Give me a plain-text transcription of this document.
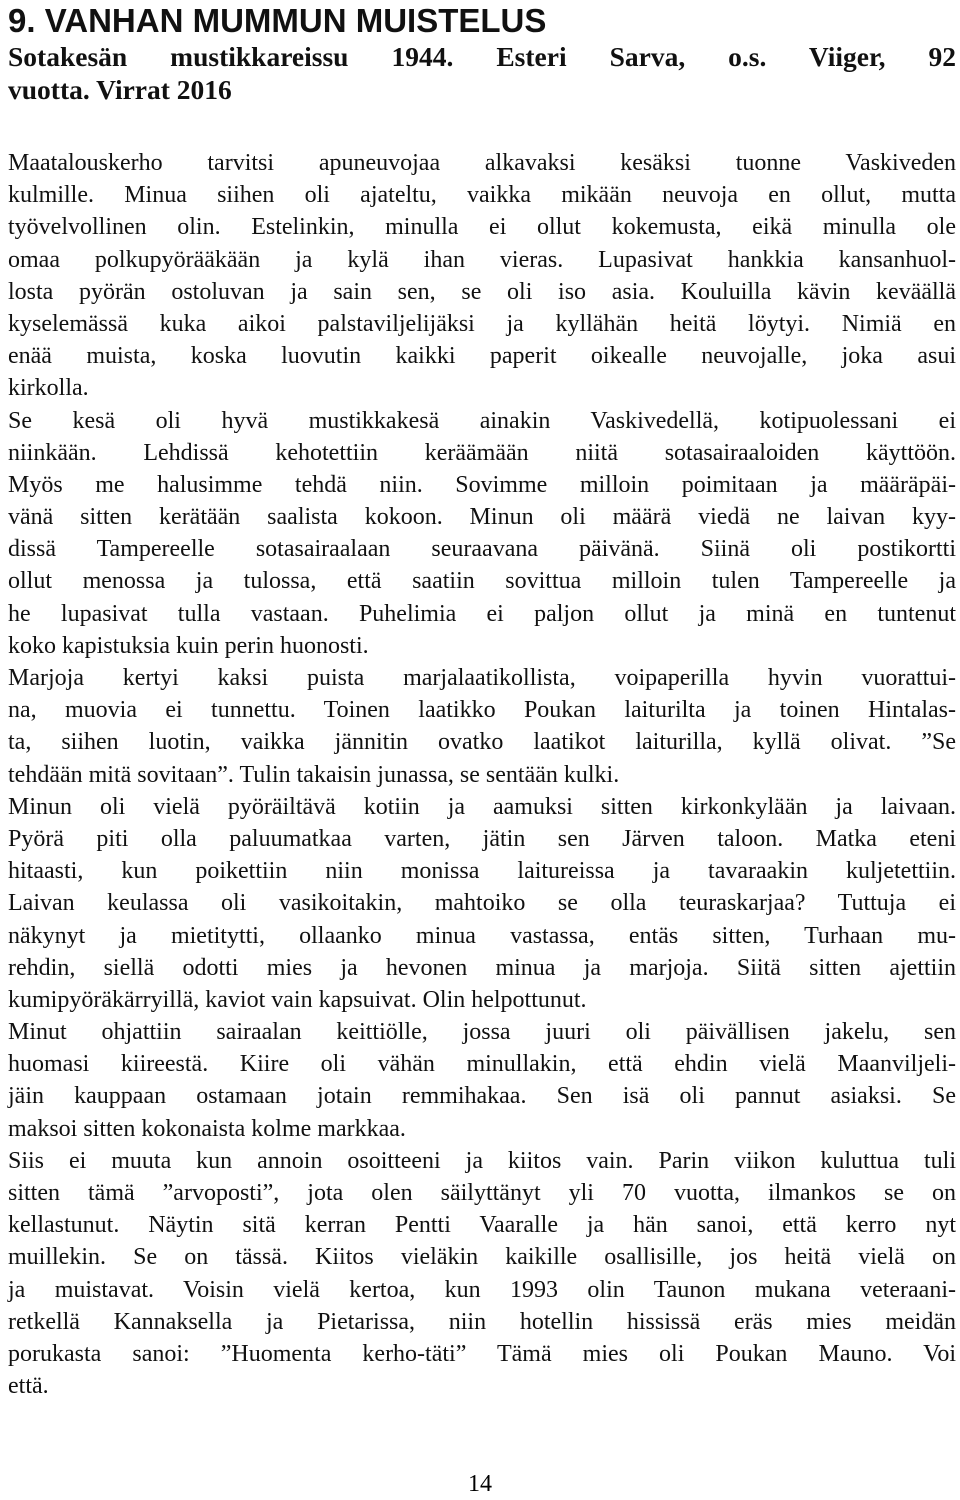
9. VANHAN MUMMUN MUISTELUS

Sotakesän mustikkareissu 1944. Esteri Sarva, o.s. Viiger, 92

vuotta. Virrat 2016

Maatalouskerho tarvitsi apuneuvojaa alkavaksi kesäksi tuonne Vaskiveden
kulmille. Minua siihen oli ajateltu, vaikka mikään neuvoja en ollut, mutta
työvelvollinen olin. Estelinkin, minulla ei ollut kokemusta, eikä minulla ole
omaa polkupyörääkään ja kylä ihan vieras. Lupasivat hankkia kansanhuol-
losta pyörän ostoluvan ja sain sen, se oli iso asia. Kouluilla kävin keväällä
kyselemässä kuka aikoi palstaviljelijäksi ja kyllähän heitä löytyi. Nimiä en
enää muista, koska luovutin kaikki paperit oikealle neuvojalle, joka asui
kirkolla.
Se kesä oli hyvä mustikkakesä ainakin Vaskivedellä, kotipuolessani ei
niinkään. Lehdissä kehotettiin keräämään niitä sotasairaaloiden käyttöön.
Myös me halusimme tehdä niin. Sovimme milloin poimitaan ja määräpäi-
vänä sitten kerätään saalista kokoon. Minun oli määrä viedä ne laivan kyy-
dissä Tampereelle sotasairaalaan seuraavana päivänä. Siinä oli postikortti
ollut menossa ja tulossa, että saatiin sovittua milloin tulen Tampereelle ja
he lupasivat tulla vastaan. Puhelimia ei paljon ollut ja minä en tuntenut
koko kapistuksia kuin perin huonosti.
Marjoja kertyi kaksi puista marjalaatikollista, voipaperilla hyvin vuorattui-
na, muovia ei tunnettu. Toinen laatikko Poukan laiturilta ja toinen Hintalas-
ta, siihen luotin, vaikka jännitin ovatko laatikot laiturilla, kyllä olivat. ”Se
tehdään mitä sovitaan”. Tulin takaisin junassa, se sentään kulki.
Minun oli vielä pyöräiltävä kotiin ja aamuksi sitten kirkonkylään ja laivaan.
Pyörä piti olla paluumatkaa varten, jätin sen Järven taloon. Matka eteni
hitaasti, kun poikettiin niin monissa laitureissa ja tavaraakin kuljetettiin.
Laivan keulassa oli vasikoitakin, mahtoiko se olla teuraskarjaa? Tuttuja ei
näkynyt ja mietitytti, ollaanko minua vastassa, entäs sitten, Turhaan mu-
rehdin, siellä odotti mies ja hevonen minua ja marjoja. Siitä sitten ajettiin
kumipyöräkärryillä, kaviot vain kapsuivat. Olin helpottunut.
Minut ohjattiin sairaalan keittiölle, jossa juuri oli päivällisen jakelu, sen
huomasi kiireestä. Kiire oli vähän minullakin, että ehdin vielä Maanviljeli-
jäin kauppaan ostamaan jotain remmihakaa. Sen isä oli pannut asiaksi. Se
maksoi sitten kokonaista kolme markkaa.
Siis ei muuta kun annoin osoitteeni ja kiitos vain. Parin viikon kuluttua tuli
sitten tämä ”arvoposti”, jota olen säilyttänyt yli 70 vuotta, ilmankos se on
kellastunut. Näytin sitä kerran Pentti Vaaralle ja hän sanoi, että kerro nyt
muillekin. Se on tässä. Kiitos vieläkin kaikille osallisille, jos heitä vielä on
ja muistavat. Voisin vielä kertoa, kun 1993 olin Taunon mukana veteraani-
retkellä Kannaksella ja Pietarissa, niin hotellin hississä eräs mies meidän
porukasta sanoi: ”Huomenta kerho-täti” Tämä mies oli Poukan Mauno. Voi
että.
14
